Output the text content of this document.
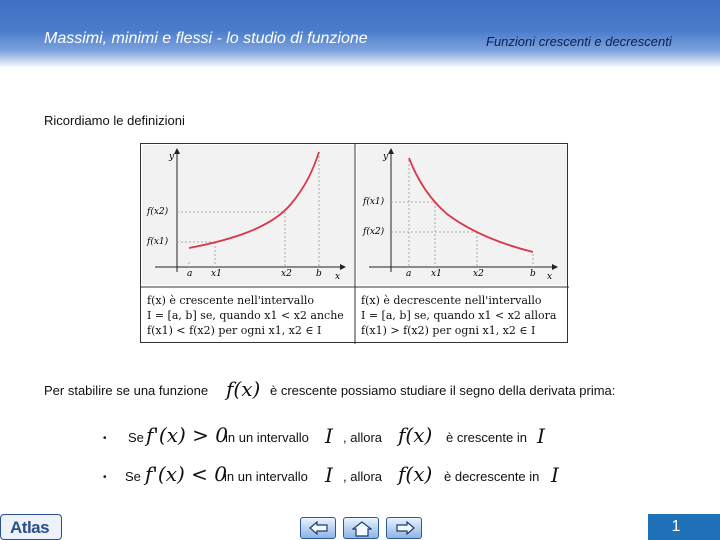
Massimi, minimi e flessi - lo studio di funzione	Funzioni crescenti e decrescenti
Ricordiamo le definizioni
y
x
f(x2)
f(x1)
a x1	x2	b
y
x
f(x1)
f(x2)
a x1	x2	b
f(x) è crescente nell'intervallo
I = [a, b] se, quando x1 < x2 anche
f(x1) < f(x2) per ogni x1, x2 ∈ I
f(x) è decrescente nell'intervallo
I = [a, b] se, quando x1 < x2 allora
f(x1) > f(x2) per ogni x1, x2 ∈ I
Per stabilire se una funzione f(x) è crescente possiamo studiare il segno della derivata prima:
• Se f'(x) > 0
in un intervallo I , allora f(x) è crescente in I
• Se f'(x) < 0
in un intervallo I , allora f(x) è decrescente in I
Atlas	1
